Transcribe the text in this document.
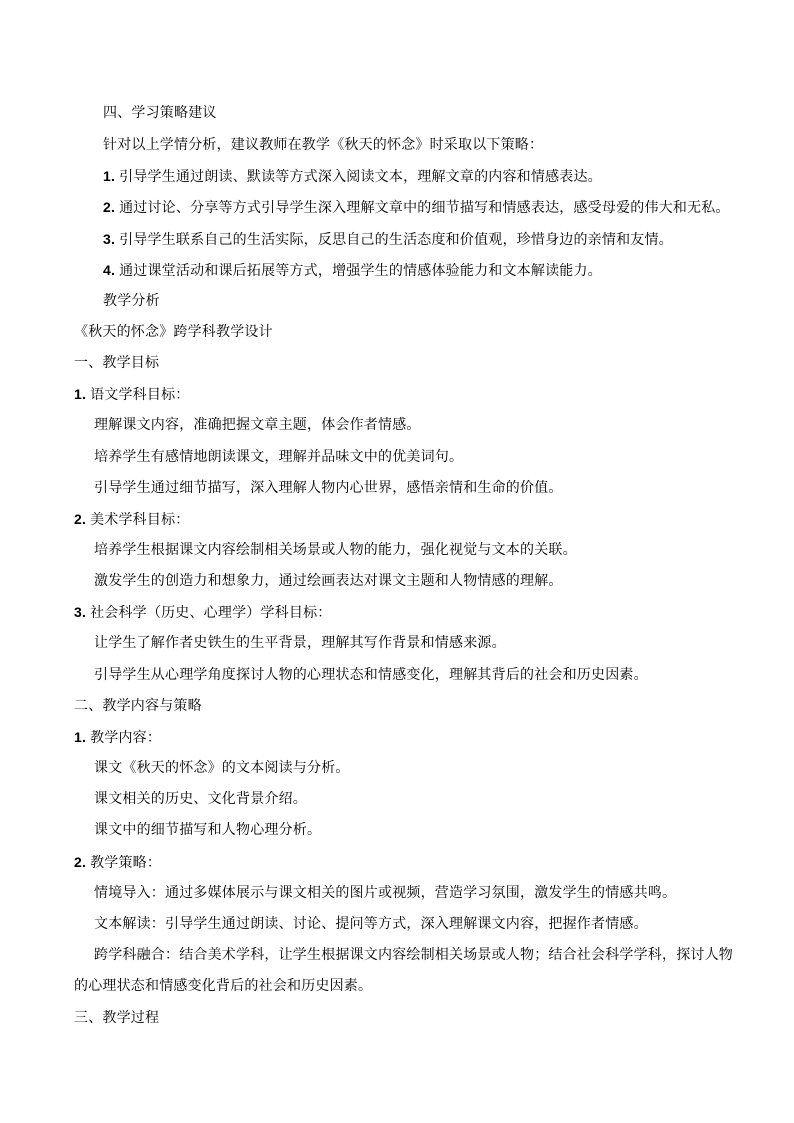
四、学习策略建议
针对以上学情分析，建议教师在教学《秋天的怀念》时采取以下策略：
1. 引导学生通过朗读、默读等方式深入阅读文本，理解文章的内容和情感表达。
2. 通过讨论、分享等方式引导学生深入理解文章中的细节描写和情感表达，感受母爱的伟大和无私。
3. 引导学生联系自己的生活实际，反思自己的生活态度和价值观，珍惜身边的亲情和友情。
4. 通过课堂活动和课后拓展等方式，增强学生的情感体验能力和文本解读能力。
教学分析
《秋天的怀念》跨学科教学设计
一、教学目标
1. 语文学科目标：
理解课文内容，准确把握文章主题，体会作者情感。
培养学生有感情地朗读课文，理解并品味文中的优美词句。
引导学生通过细节描写，深入理解人物内心世界，感悟亲情和生命的价值。
2. 美术学科目标：
培养学生根据课文内容绘制相关场景或人物的能力，强化视觉与文本的关联。
激发学生的创造力和想象力，通过绘画表达对课文主题和人物情感的理解。
3. 社会科学（历史、心理学）学科目标：
让学生了解作者史铁生的生平背景，理解其写作背景和情感来源。
引导学生从心理学角度探讨人物的心理状态和情感变化，理解其背后的社会和历史因素。
二、教学内容与策略
1. 教学内容：
课文《秋天的怀念》的文本阅读与分析。
课文相关的历史、文化背景介绍。
课文中的细节描写和人物心理分析。
2. 教学策略：
情境导入：通过多媒体展示与课文相关的图片或视频，营造学习氛围，激发学生的情感共鸣。
文本解读：引导学生通过朗读、讨论、提问等方式，深入理解课文内容，把握作者情感。
跨学科融合：结合美术学科，让学生根据课文内容绘制相关场景或人物；结合社会科学学科，探讨人物
的心理状态和情感变化背后的社会和历史因素。
三、教学过程
